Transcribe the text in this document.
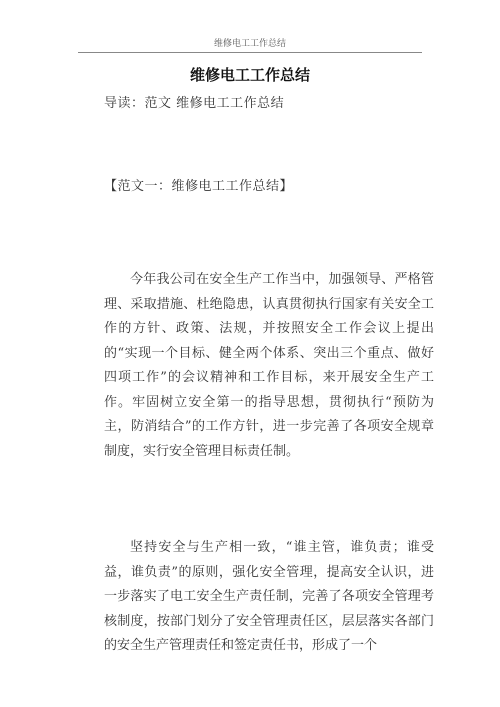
维修电工工作总结
维修电工工作总结
导读：范文 维修电工工作总结
【范文一：维修电工工作总结】

今年我公司在安全生产工作当中，加强领导、严格管理、采取措施、杜绝隐患，认真贯彻执行国家有关安全工作的方针、政策、法规，并按照安全工作会议上提出的“实现一个目标、健全两个体系、突出三个重点、做好四项工作”的会议精神和工作目标，来开展安全生产工作。牢固树立安全第一的指导思想，贯彻执行“预防为主，防消结合”的工作方针，进一步完善了各项安全规章制度，实行安全管理目标责任制。

坚持安全与生产相一致，“谁主管，谁负责；谁受益，谁负责”的原则，强化安全管理，提高安全认识，进一步落实了电工安全生产责任制，完善了各项安全管理考核制度，按部门划分了安全管理责任区，层层落实各部门的安全生产管理责任和签定责任书，形成了一个
